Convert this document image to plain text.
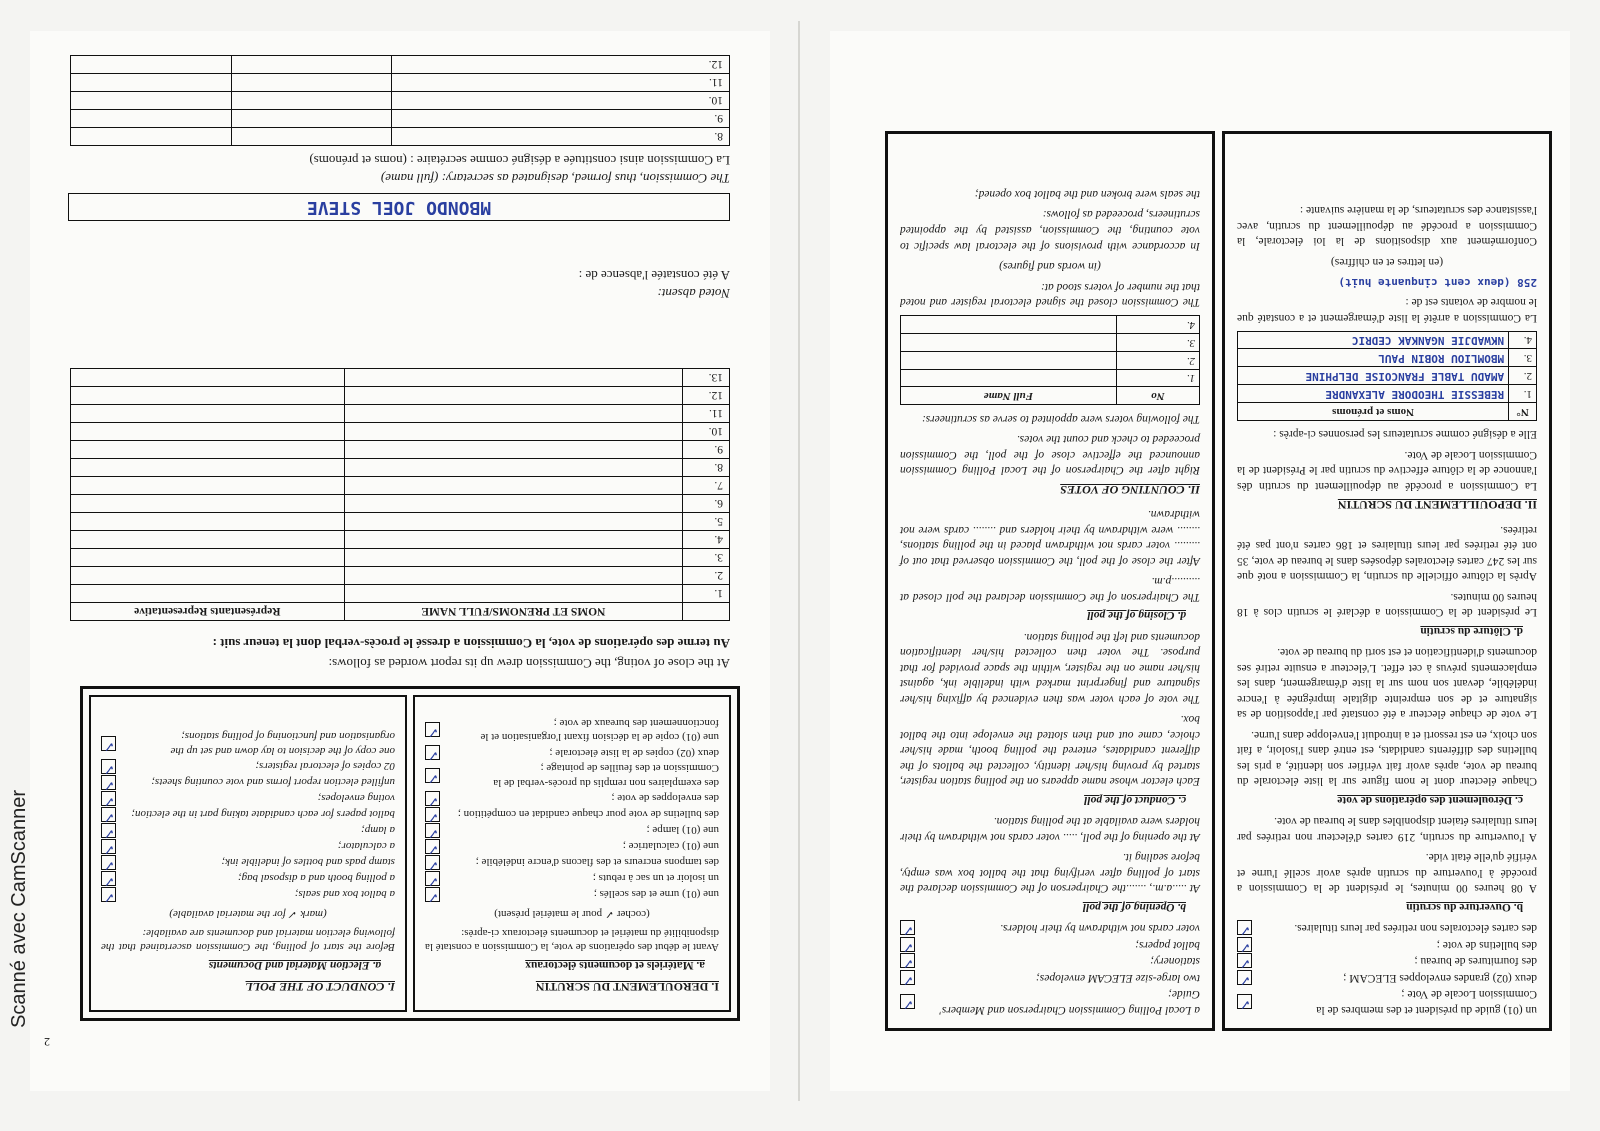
Scanné avec CamScanner	un (01) guide du président et des membres de la Commission Locale de Vote ;
✓
deux (02) grandes enveloppes ELECAM ;
✓
des fournitures de bureau ;
✓
des bulletins de vote ;
✓
des cartes électorales non retirées par leurs titulaires.
✓
b. Ouverture du scrutin
A 08 heures 00 minutes, le président de la Commission a procédé à l'ouverture du scrutin après avoir scellé l'urne et vérifié qu'elle était vide.
A l'ouverture du scrutin, 219 cartes d'électeur non retirées par leurs titulaires étaient disponibles dans le bureau de vote.
c. Déroulement des opérations de vote
Chaque électeur dont le nom figure sur la liste électorale du bureau de vote, après avoir fait vérifier son identité, a pris les bulletins des différents candidats, est entré dans l'isoloir, a fait son choix, en est ressorti et a introduit l'enveloppe dans l'urne.
Le vote de chaque électeur a été constaté par l'apposition de sa signature et de son empreinte digitale imprégnée à l'encre indélébile, devant son nom sur la liste d'émargement, dans les emplacements prévus à cet effet. L'électeur a ensuite retiré ses documents d'identification et est sorti du bureau de vote.
d. Clôture du scrutin
Le président de la Commission a déclaré le scrutin clos à 18 heures 00 minutes.
Après la clôture officielle du scrutin, la Commission a noté que sur les 247 cartes électorales déposées dans le bureau de vote, 35 ont été retirées par leurs titulaires et 186 cartes n'ont pas été retirées.
II. DEPOUILLEMENT DU SCRUTIN
La Commission a procédé au dépouillement du scrutin dès l'annonce de la clôture effective du scrutin par le Président de la Commission Locale de Vote.
Elle a désigné comme scrutateurs les personnes ci-après :
N°	Noms et prénoms
1.	REBESSIE THEODORE ALEXANDRE
2.	AMADU TABLE FRANCOISE DELPHINE
3.	MBOMLIOU ROBIN PAUL
4.	NKWADJIE NGANKAK CEDRIC
La Commission a arrêté la liste d'émargement et a constaté que le nombre de votants est de :
258 (deux cent cinquante huit)
(en lettres et en chiffres)
Conformément aux dispositions de la loi électorale, la Commission a procédé au dépouillement du scrutin, avec l'assistance des scrutateurs, de la manière suivante :
a Local Polling Commission Chairperson and Members' Guide;
✓
two large-size ELECAM envelopes;
✓
stationery;
✓
ballot papers;
✓
voter cards not withdrawn by their holders.
✓
b. Opening of the poll
At .....a.m., .......the Chairperson of the Commission declared the start of polling after verifying that the ballot box was empty, before sealing it.
At the opening of the poll, ..... voter cards not withdrawn by their holders were available at the polling station.
c. Conduct of the poll
Each elector whose name appears on the polling station register, started by proving his/her identity, collected the ballots of the different candidates, entered the polling booth, made his/her choice, came out and then slotted the envelope into the ballot box.
The vote of each voter was then evidenced by affixing his/her signature and fingerprint marked with indelible ink, against his/her name on the register, within the space provided for that purpose. The voter then collected his/her identification documents and left the polling station.
d. Closing of the poll
The Chairperson of the Commission declared the poll closed at ..........p.m.
After the close of the poll, the Commission observed that out of ......... voter cards not withdrawn placed in the polling stations, ........ were withdrawn by their holders and ........ cards were not withdrawn.
II. COUNTING OF VOTES
Right after the Chairperson of the Local Polling Commission announced the effective close of the poll, the Commission proceeded to check and count the votes.
The following voters were appointed to serve as scrutineers:
No	Full Name
1.	
2.	
3.	
4.	
The Commission closed the signed electoral register and noted that the number of voters stood at:
(in words and figures)
In accordance with provisions of the electoral law specific to vote counting, the Commission, assisted by the appointed scrutineers, proceeded as follows:
the seals were broken and the ballot box opened;
2
I. DEROULEMENT DU SCRUTIN
a. Matériels et documents électoraux
Avant le début des opérations de vote, la Commission a constaté la disponibilité du matériel et documents électoraux ci-après:
(cocher ✓ pour le matériel présent)
une (01) urne et des scellés ;
✓
un isoloir et un sac à rebuts ;
✓
des tampons encreurs et des flacons d'encre indélébile ;
✓
une (01) calculatrice ;
✓
une (01) lampe ;
✓
des bulletins de vote pour chaque candidat en compétition ;
✓
des enveloppes de vote ;
✓
des exemplaires non remplis du procès-verbal de la Commission et des feuilles de pointage ;
✓
deux (02) copies de la liste électorale ;
✓
une (01) copie de la décision fixant l'organisation et le fonctionnement des bureaux de vote ;
✓
I. CONDUCT OF THE POLL
a. Election Material and Documents
Before the start of polling, the Commission ascertained that the following election material and documents are available:
(mark ✓ for the material available)
a ballot box and seals;
✓
a polling booth and a disposal bag;
✓
stamp pads and bottles of indelible ink;
✓
a calculator;
✓
a lamp;
✓
ballot papers for each candidate taking part in the election;
✓
voting envelopes;
✓
unfilled election report forms and vote counting sheets;
✓
02 copies of electoral registers;
✓
one copy of the decision to lay down and set up the organisation and functioning of polling stations;
✓
At the close of voting, the Commission drew up its report worded as follows:
Au terme des opérations de vote, la Commission a dressé le procès-verbal dont la teneur suit :
	NOMS ET PRENOMS/FULL NAME	Représentants Representative
1.		
2.		
3.		
4.		
5.		
6.		
7.		
8.		
9.		
10.		
11.		
12.		
13.		
Noted absent:
A été constatée l'absence de :
MBONDO JOEL STEVE
The Commission, thus formed, designated as secretary: (full name)
La Commission ainsi constituée a désigné comme secrétaire : (noms et prénoms)
8.		
9.		
10.		
11.		
12.		
